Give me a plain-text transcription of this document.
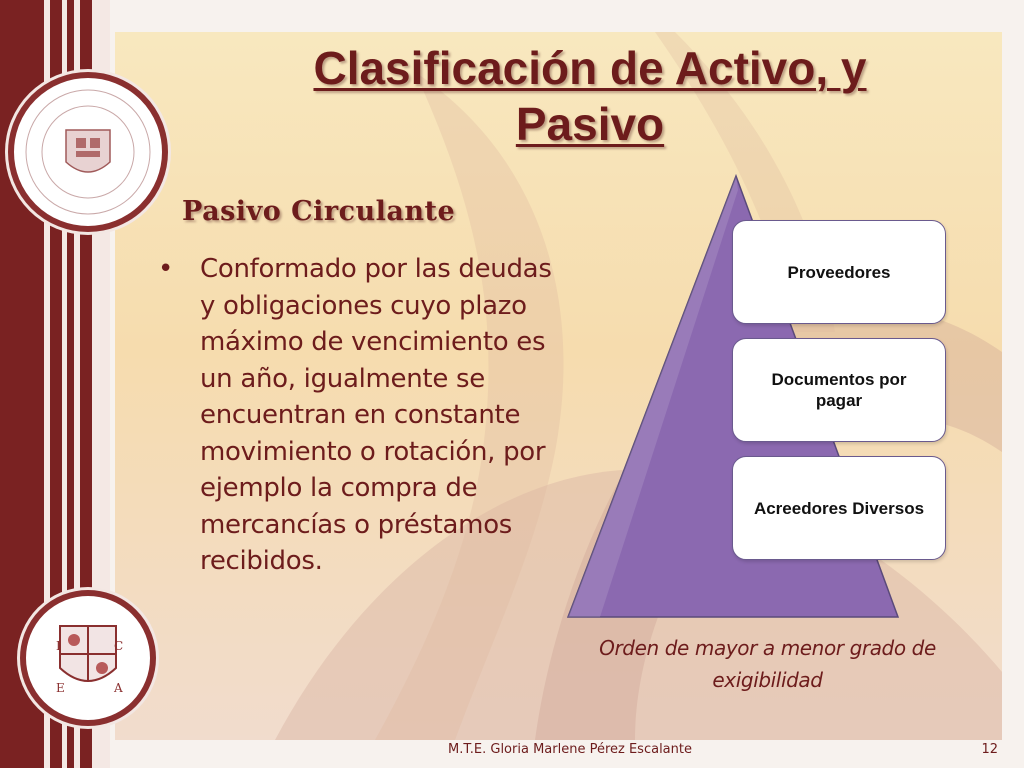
I	C
E	A
Clasificación de Activo, y
Pasivo
Pasivo Circulante
• Conformado por las deudas y obligaciones cuyo plazo máximo de vencimiento es un año, igualmente se encuentran en constante movimiento o rotación, por ejemplo la compra de mercancías o préstamos recibidos.
Proveedores
Documentos por pagar
Acreedores Diversos
Orden de mayor a menor grado de exigibilidad
M.T.E. Gloria Marlene Pérez Escalante	12
